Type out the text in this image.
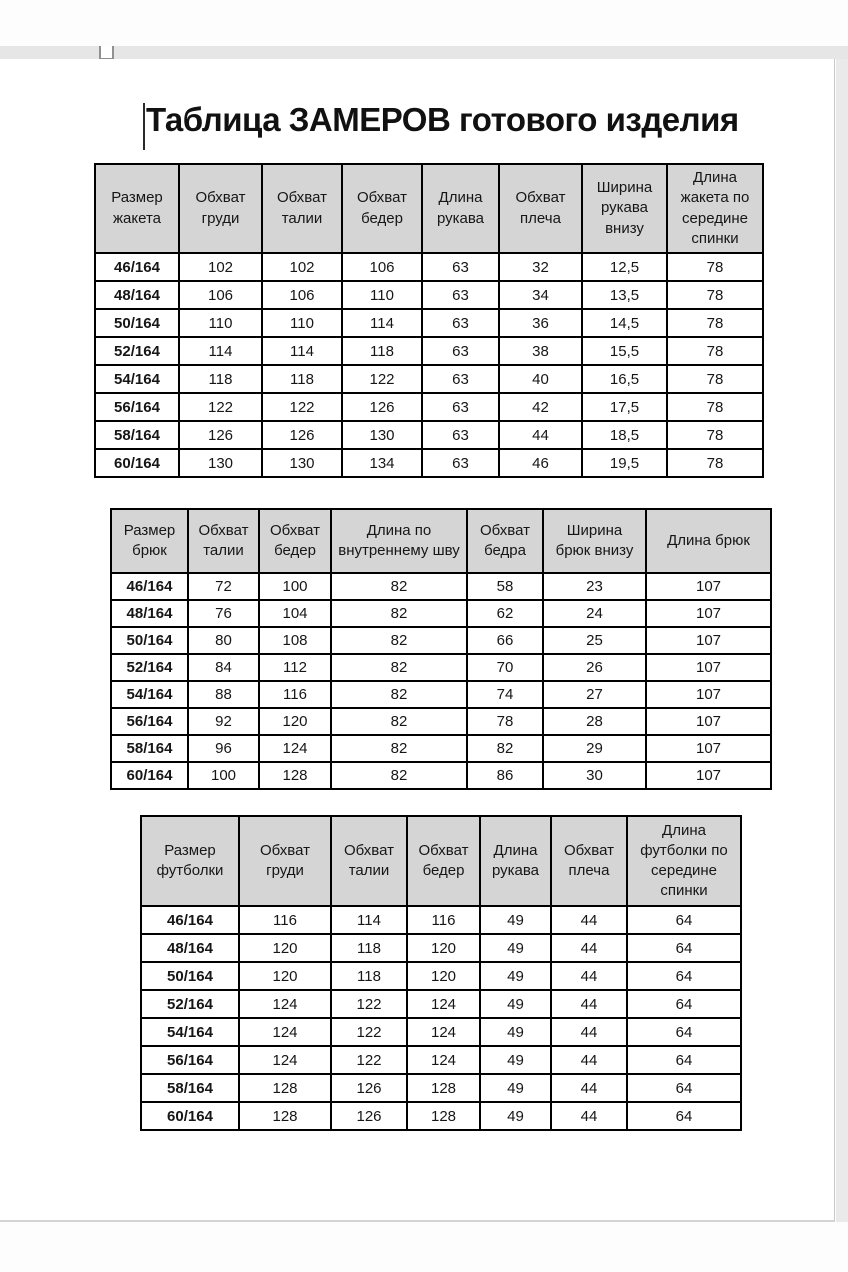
Таблица ЗАМЕРОВ готового изделия
Размер жакета	Обхват груди	Обхват талии	Обхват бедер	Длина рукава	Обхват плеча	Ширина рукава внизу	Длина жакета по середине спинки
46/164	102	102	106	63	32	12,5	78
48/164	106	106	110	63	34	13,5	78
50/164	110	110	114	63	36	14,5	78
52/164	114	114	118	63	38	15,5	78
54/164	118	118	122	63	40	16,5	78
56/164	122	122	126	63	42	17,5	78
58/164	126	126	130	63	44	18,5	78
60/164	130	130	134	63	46	19,5	78
Размер брюк	Обхват талии	Обхват бедер	Длина по внутреннему шву	Обхват бедра	Ширина брюк внизу	Длина брюк
46/164	72	100	82	58	23	107
48/164	76	104	82	62	24	107
50/164	80	108	82	66	25	107
52/164	84	112	82	70	26	107
54/164	88	116	82	74	27	107
56/164	92	120	82	78	28	107
58/164	96	124	82	82	29	107
60/164	100	128	82	86	30	107
Размер футболки	Обхват груди	Обхват талии	Обхват бедер	Длина рукава	Обхват плеча	Длина футболки по середине спинки
46/164	116	114	116	49	44	64
48/164	120	118	120	49	44	64
50/164	120	118	120	49	44	64
52/164	124	122	124	49	44	64
54/164	124	122	124	49	44	64
56/164	124	122	124	49	44	64
58/164	128	126	128	49	44	64
60/164	128	126	128	49	44	64
